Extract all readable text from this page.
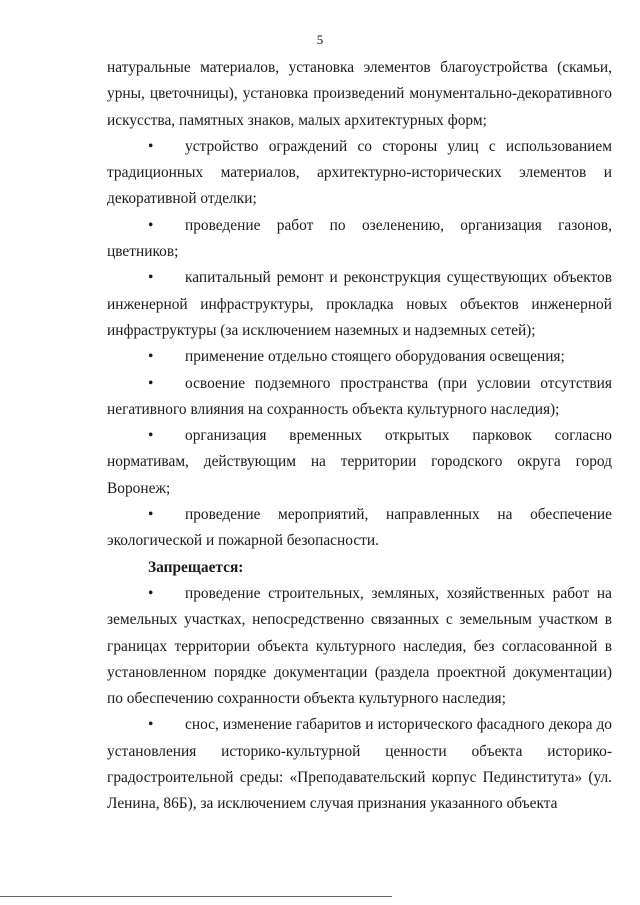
5

натуральные материалов, установка элементов благоустройства (скамьи, урны, цветочницы), установка произведений монументально-декоративного искусства, памятных знаков, малых архитектурных форм;

• устройство ограждений со стороны улиц с использованием традиционных материалов, архитектурно-исторических элементов и декоративной отделки;

• проведение работ по озеленению, организация газонов, цветников;

• капитальный ремонт и реконструкция существующих объектов инженерной инфраструктуры, прокладка новых объектов инженерной инфраструктуры (за исключением наземных и надземных сетей);

• применение отдельно стоящего оборудования освещения;

• освоение подземного пространства (при условии отсутствия негативного влияния на сохранность объекта культурного наследия);

• организация временных открытых парковок согласно нормативам, действующим на территории городского округа город Воронеж;

• проведение мероприятий, направленных на обеспечение экологической и пожарной безопасности.

Запрещается:

• проведение строительных, земляных, хозяйственных работ на земельных участках, непосредственно связанных с земельным участком в границах территории объекта культурного наследия, без согласованной в установленном порядке документации (раздела проектной документации) по обеспечению сохранности объекта культурного наследия;

• снос, изменение габаритов и исторического фасадного декора до установления историко-культурной ценности объекта историко-градостроительной среды: «Преподавательский корпус Пединститута» (ул. Ленина, 86Б), за исключением случая признания указанного объекта
